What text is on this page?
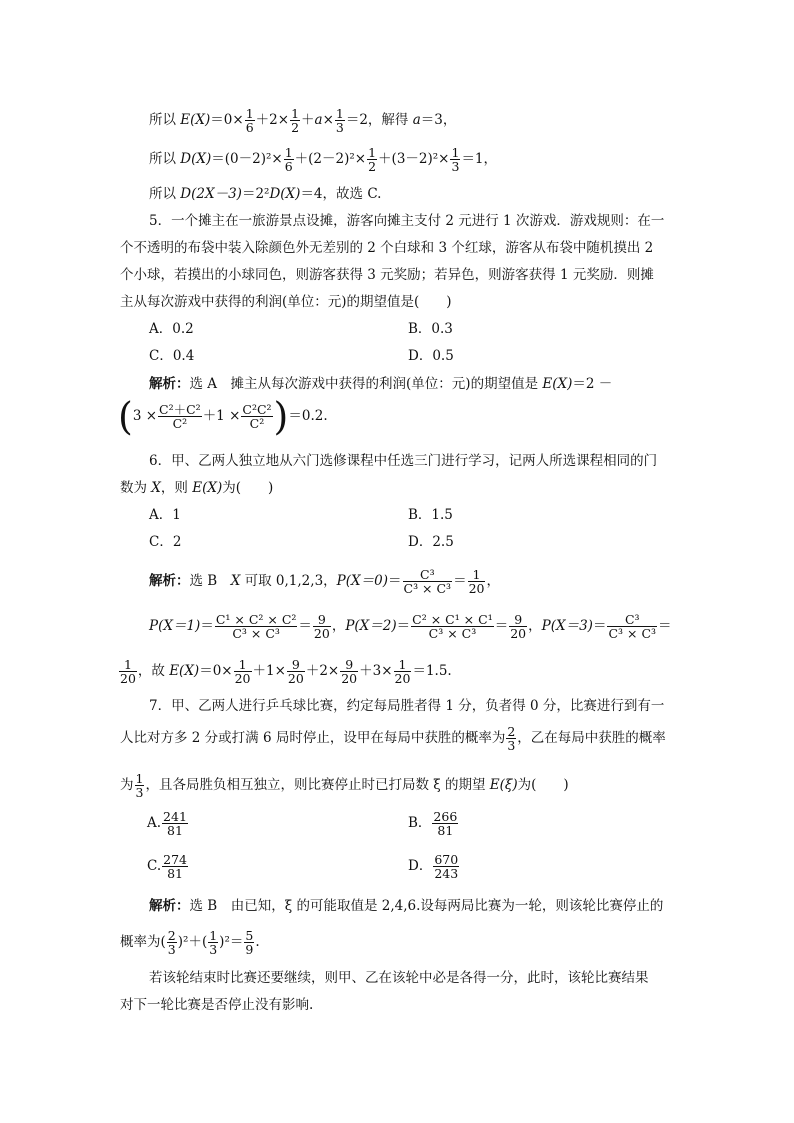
所以 $E(X)=0\times \frac{1}{6} +2\times \frac{1}{2} +a\times \frac{1}{3} =2$，解得 a＝3，
所以 $D(X)=(0-2)^2\times \frac{1}{6} +(2-2)^2\times \frac{1}{2} +(3-2)^2\times \frac{1}{3} =1$，
所以 D(2X－3)＝2²D(X)＝4，故选 C.
5．一个摊主在一旅游景点设摊，游客向摊主支付 2 元进行 1 次游戏．游戏规则：在一
个不透明的布袋中装入除颜色外无差别的 2 个白球和 3 个红球，游客从布袋中随机摸出 2
个小球，若摸出的小球同色，则游客获得 3 元奖励；若异色，则游客获得 1 元奖励．则摊
主从每次游戏中获得的利润(单位：元)的期望值是(　　)
A．0.2	B．0.3
C．0.4	D．0.5
解析：选 A　摊主从每次游戏中获得的利润(单位：元)的期望值是 E(X)＝2 －
$(3 \times \frac{\text{C²＋C²}}{\text{C²}} +1 \times \frac{\text{C²C²}}{\text{C²}} )=0.2$.
6．甲、乙两人独立地从六门选修课程中任选三门进行学习，记两人所选课程相同的门
数为 X，则 E(X)为(　　)
A．1	B．1.5
C．2	D．2.5
解析：选 B　X 可取 0,1,2,3，$P(X=0)= \frac{\text{C³}}{\text{C³ × C³}} = \frac{1}{20}$ ，
$P(X=1)= \frac{\text{C¹ × C² × C²}}{\text{C³ × C³}} = \frac{9}{20}$ ，$P(X=2)= \frac{\text{C² × C¹ × C¹}}{\text{C³ × C³}} = \frac{9}{20}$ ，$P(X=3)= \frac{\text{C³}}{\text{C³ × C³}}$ ＝
$\frac{1}{20}$ ，故 $E(X)=0\times \frac{1}{20} +1\times \frac{9}{20} +2\times \frac{9}{20} +3\times \frac{1}{20} =1.5$.
7．甲、乙两人进行乒乓球比赛，约定每局胜者得 1 分，负者得 0 分，比赛进行到有一
人比对方多 2 分或打满 6 局时停止，设甲在每局中获胜的概率为 $\frac{2}{3}$ ，乙在每局中获胜的概率
为 $\frac{1}{3}$ ，且各局胜负相互独立，则比赛停止时已打局数 ξ 的期望 E(ξ)为(　　)
A. $\frac{241}{81}$	B． $\frac{266}{81}$
C. $\frac{274}{81}$	D． $\frac{670}{243}$
解析：选 B　由已知，ξ 的可能取值是 2,4,6.设每两局比赛为一轮，则该轮比赛停止的
概率为( $\frac{2}{3} )^2+( \frac{1}{3} )^2= \frac{5}{9}$ .
若该轮结束时比赛还要继续，则甲、乙在该轮中必是各得一分，此时，该轮比赛结果
对下一轮比赛是否停止没有影响.
